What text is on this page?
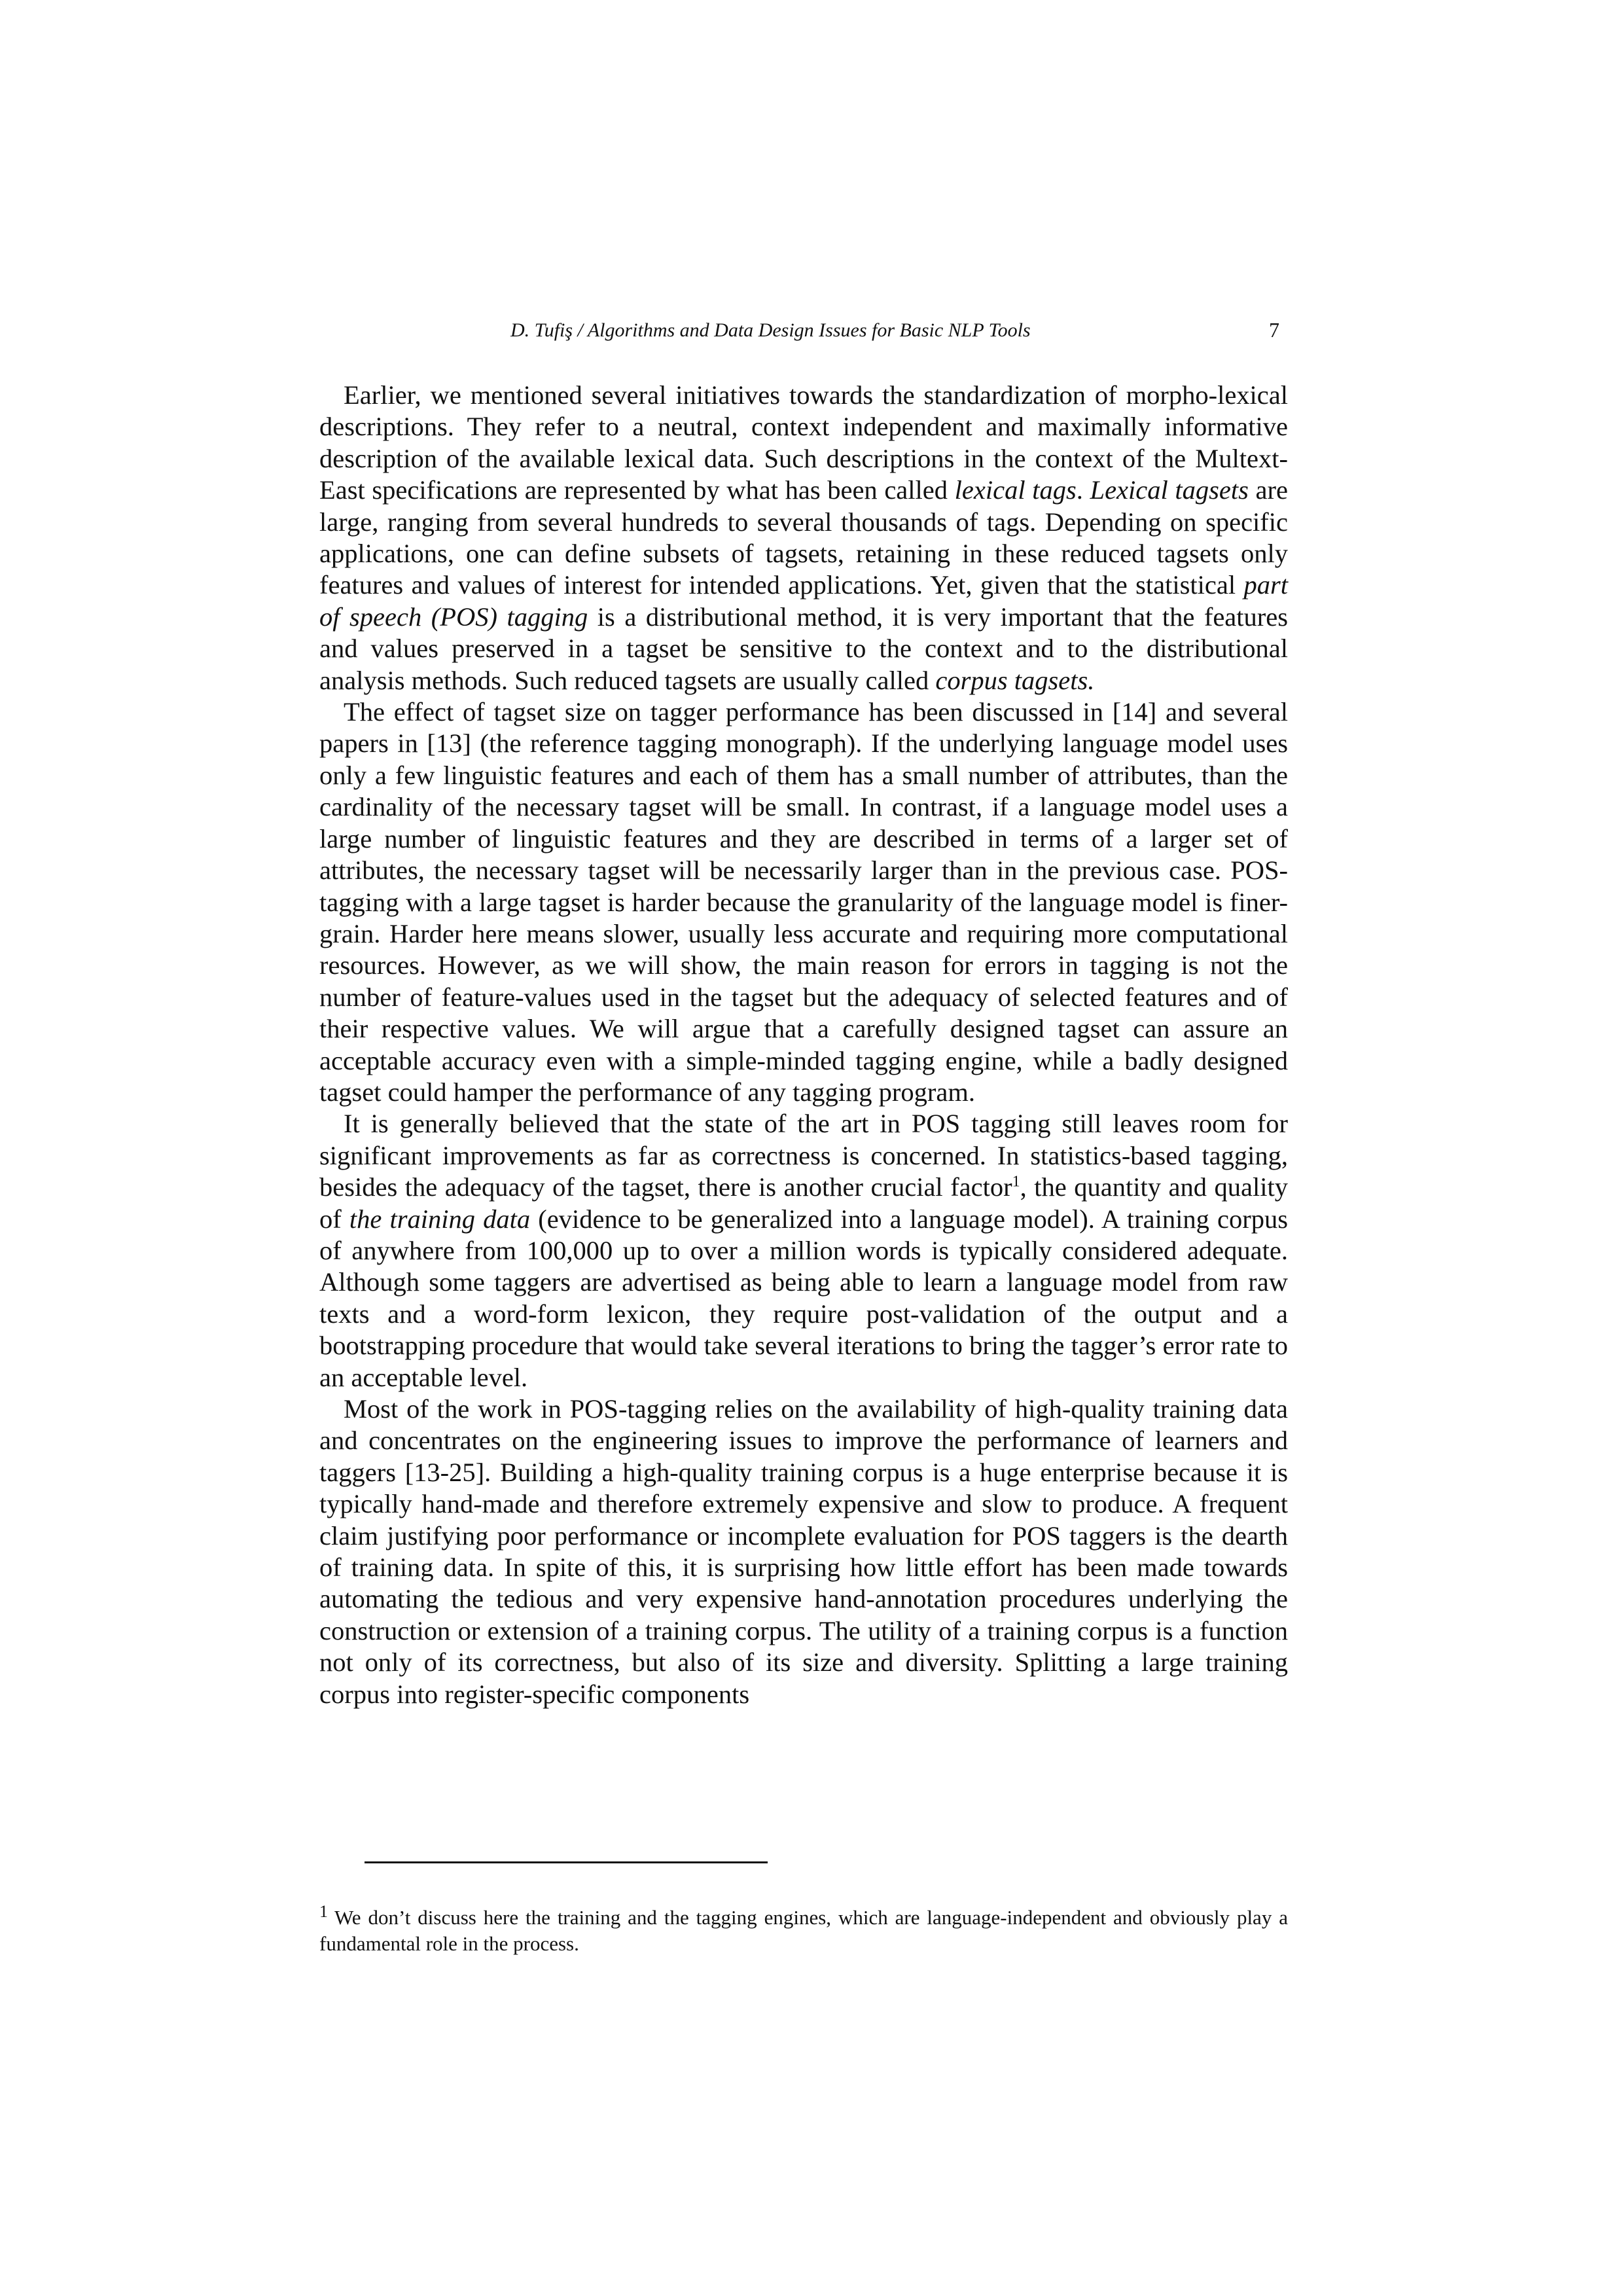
D. Tufiş / Algorithms and Data Design Issues for Basic NLP Tools	7

Earlier, we mentioned several initiatives towards the standardization of morpho-lexical descriptions. They refer to a neutral, context independent and maximally informative description of the available lexical data. Such descriptions in the context of the Multext-East specifications are represented by what has been called lexical tags. Lexical tagsets are large, ranging from several hundreds to several thousands of tags. Depending on specific applications, one can define subsets of tagsets, retaining in these reduced tagsets only features and values of interest for intended applications. Yet, given that the statistical part of speech (POS) tagging is a distributional method, it is very important that the features and values preserved in a tagset be sensitive to the context and to the distributional analysis methods. Such reduced tagsets are usually called corpus tagsets.

The effect of tagset size on tagger performance has been discussed in [14] and several papers in [13] (the reference tagging monograph). If the underlying language model uses only a few linguistic features and each of them has a small number of attributes, than the cardinality of the necessary tagset will be small. In contrast, if a language model uses a large number of linguistic features and they are described in terms of a larger set of attributes, the necessary tagset will be necessarily larger than in the previous case. POS-tagging with a large tagset is harder because the granularity of the language model is finer-grain. Harder here means slower, usually less accurate and requiring more computational resources. However, as we will show, the main reason for errors in tagging is not the number of feature-values used in the tagset but the adequacy of selected features and of their respective values. We will argue that a carefully designed tagset can assure an acceptable accuracy even with a simple-minded tagging engine, while a badly designed tagset could hamper the performance of any tagging program.

It is generally believed that the state of the art in POS tagging still leaves room for significant improvements as far as correctness is concerned. In statistics-based tagging, besides the adequacy of the tagset, there is another crucial factor$^1$, the quantity and quality of the training data (evidence to be generalized into a language model). A training corpus of anywhere from 100,000 up to over a million words is typically considered adequate. Although some taggers are advertised as being able to learn a language model from raw texts and a word-form lexicon, they require post-validation of the output and a bootstrapping procedure that would take several iterations to bring the tagger’s error rate to an acceptable level.

Most of the work in POS-tagging relies on the availability of high-quality training data and concentrates on the engineering issues to improve the performance of learners and taggers [13-25]. Building a high-quality training corpus is a huge enterprise because it is typically hand-made and therefore extremely expensive and slow to produce. A frequent claim justifying poor performance or incomplete evaluation for POS taggers is the dearth of training data. In spite of this, it is surprising how little effort has been made towards automating the tedious and very expensive hand-annotation procedures underlying the construction or extension of a training corpus. The utility of a training corpus is a function not only of its correctness, but also of its size and diversity. Splitting a large training corpus into register-specific components

$^1$ We don’t discuss here the training and the tagging engines, which are language-independent and obviously play a fundamental role in the process.
